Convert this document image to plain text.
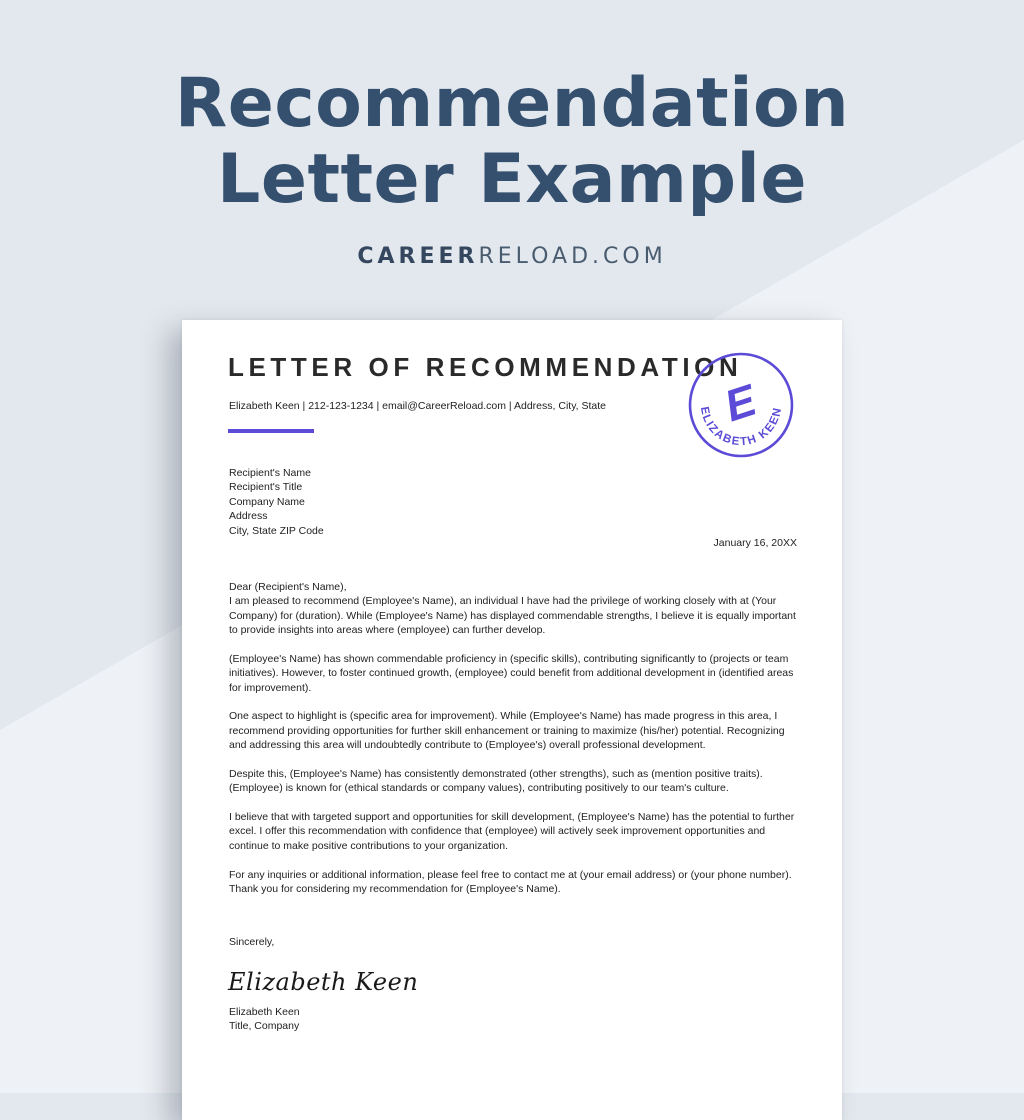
Recommendation
Letter Example
CAREERRELOAD.COM
LETTER OF RECOMMENDATION
Elizabeth Keen | 212-123-1234 | email@CareerReload.com | Address, City, State	E
ELIZABETH KEEN
Recipient's Name
Recipient's Title
Company Name
Address
City, State ZIP Code
January 16, 20XX

Dear (Recipient's Name),

I am pleased to recommend (Employee's Name), an individual I have had the privilege of working closely with at (Your Company) for (duration). While (Employee's Name) has displayed commendable strengths, I believe it is equally important to provide insights into areas where (employee) can further develop.

(Employee's Name) has shown commendable proficiency in (specific skills), contributing significantly to (projects or team initiatives). However, to foster continued growth, (employee) could benefit from additional development in (identified areas for improvement).

One aspect to highlight is (specific area for improvement). While (Employee's Name) has made progress in this area, I recommend providing opportunities for further skill enhancement or training to maximize (his/her) potential. Recognizing and addressing this area will undoubtedly contribute to (Employee's) overall professional development.

Despite this, (Employee's Name) has consistently demonstrated (other strengths), such as (mention positive traits). (Employee) is known for (ethical standards or company values), contributing positively to our team's culture.

I believe that with targeted support and opportunities for skill development, (Employee's Name) has the potential to further excel. I offer this recommendation with confidence that (employee) will actively seek improvement opportunities and continue to make positive contributions to your organization.

For any inquiries or additional information, please feel free to contact me at (your email address) or (your phone number). Thank you for considering my recommendation for (Employee's Name).

Sincerely,
Elizabeth Keen
Elizabeth Keen
Title, Company
